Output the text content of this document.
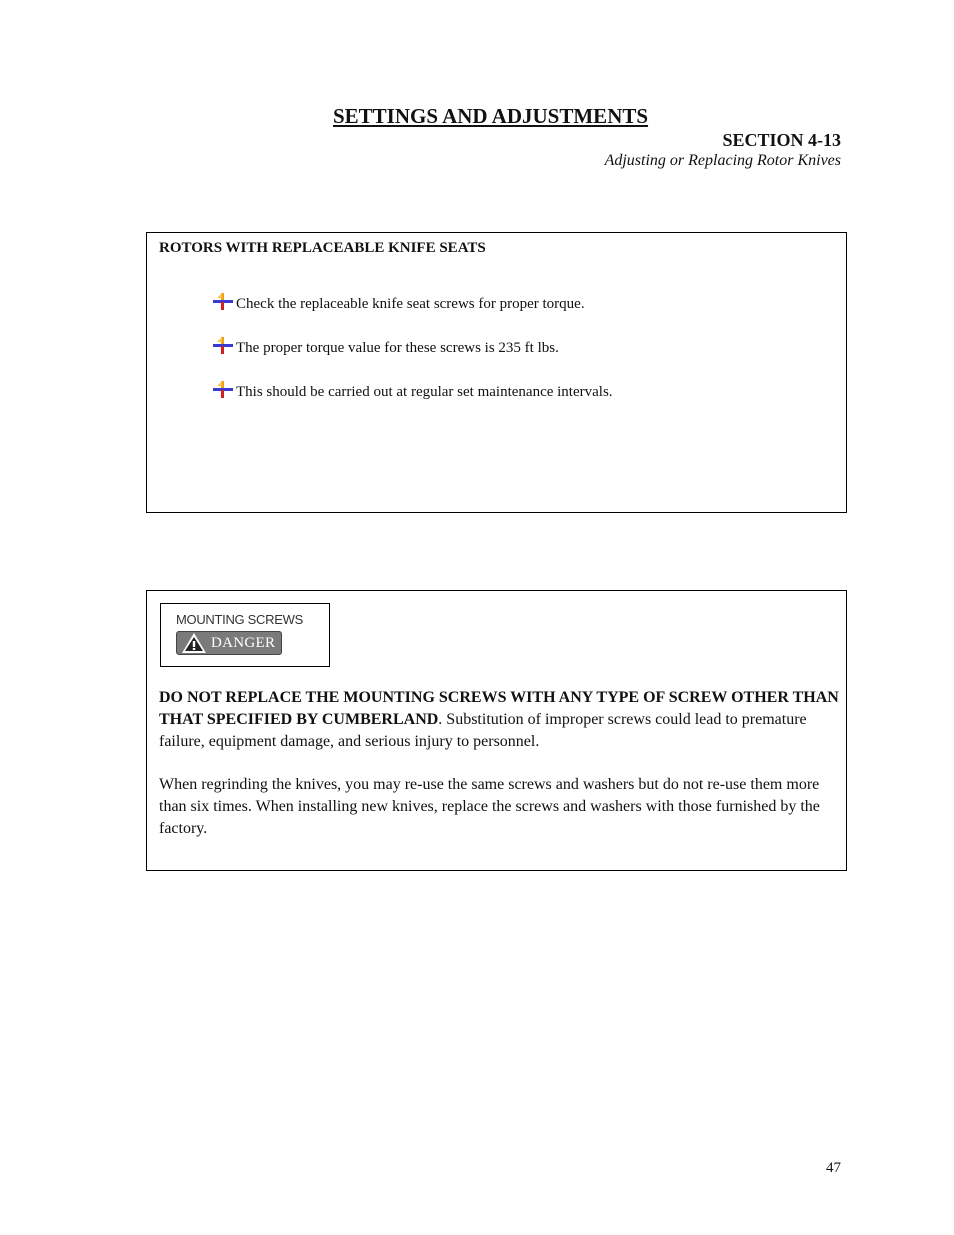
SETTINGS AND ADJUSTMENTS
SECTION 4-13
Adjusting or Replacing Rotor Knives
ROTORS WITH REPLACEABLE KNIFE SEATS
Check the replaceable knife seat screws for proper torque.
The proper torque value for these screws is 235 ft lbs.
This should be carried out at regular set maintenance intervals.
MOUNTING SCREWS
DANGER
DO NOT REPLACE THE MOUNTING SCREWS WITH ANY TYPE OF SCREW OTHER THAN THAT SPECIFIED BY CUMBERLAND. Substitution of improper screws could lead to premature failure, equipment damage, and serious injury to personnel.
When regrinding the knives, you may re-use the same screws and washers but do not re-use them more than six times. When installing new knives, replace the screws and washers with those furnished by the factory.
47
